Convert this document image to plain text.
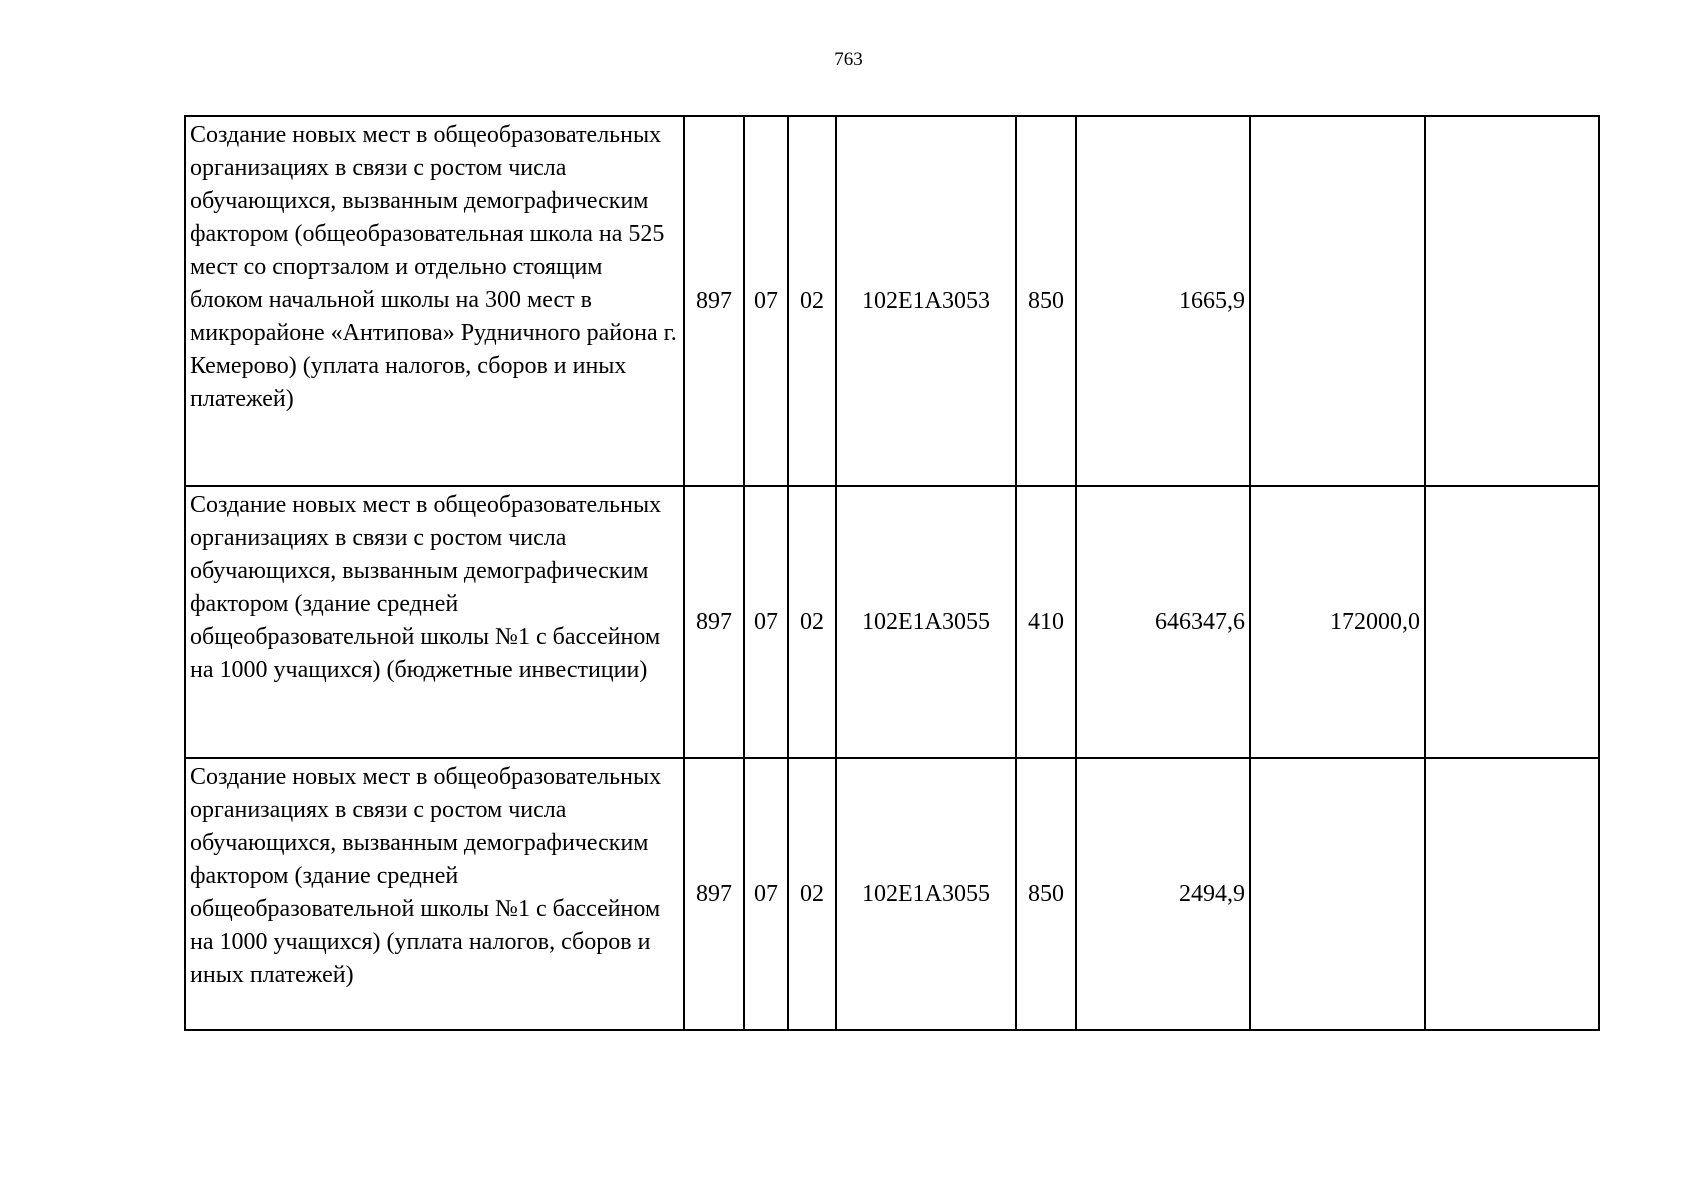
763
Создание новых мест в общеобразовательных организациях в связи с ростом числа обучающихся, вызванным демографическим фактором (общеобразовательная школа на 525 мест со спортзалом и отдельно стоящим блоком начальной школы на 300 мест в микрорайоне «Антипова» Рудничного района г. Кемерово) (уплата налогов, сборов и иных платежей)	897	07	02	102E1A3053	850	1665,9		
Создание новых мест в общеобразовательных организациях в связи с ростом числа обучающихся, вызванным демографическим фактором (здание средней общеобразовательной школы №1 с бассейном на 1000 учащихся) (бюджетные инвестиции)	897	07	02	102E1A3055	410	646347,6	172000,0	
Создание новых мест в общеобразовательных организациях в связи с ростом числа обучающихся, вызванным демографическим фактором (здание средней общеобразовательной школы №1 с бассейном на 1000 учащихся) (уплата налогов, сборов и иных платежей)	897	07	02	102E1A3055	850	2494,9		
